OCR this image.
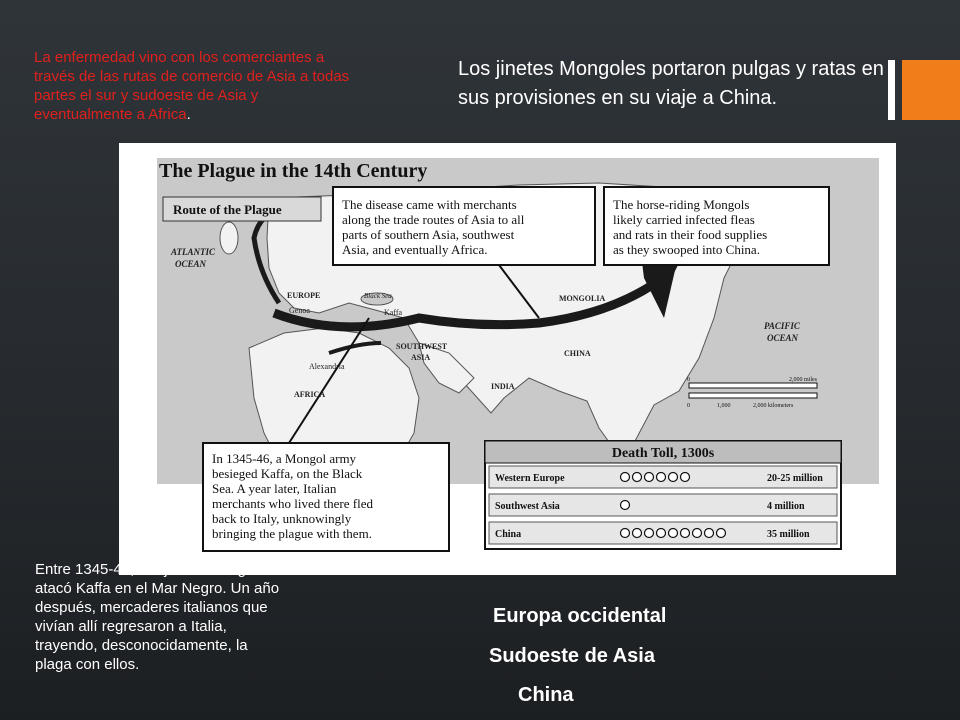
La enfermedad vino con los comerciantes a través de las rutas de comercio de Asia a todas partes el sur y sudoeste de Asia y eventualmente a Africa.
Los jinetes Mongoles portaron pulgas y ratas en sus provisiones en su viaje a China.
The Plague in the 14th Century
Route of the Plague	The disease came with merchants
along the trade routes of Asia to all
parts of southern Asia, southwest
Asia, and eventually Africa.
The horse-riding Mongols
likely carried infected fleas
and rats in their food supplies
as they swooped into China.
In 1345-46, a Mongol army
besieged Kaffa, on the Black
Sea. A year later, Italian
merchants who lived there fled
back to Italy, unknowingly
bringing the plague with them.
ATLANTIC
OCEAN
EUROPE	Black Sea
Genoa	Kaffa
MONGOLIA
PACIFIC
OCEAN
SOUTHWEST
ASIA	CHINA
Alexandria
AFRICA
INDIA
0	2,000 miles
0	1,000	2,000 kilometers
Death Toll, 1300s
Western Europe	20-25 million
Southwest Asia	4 million
China	35 million
Entre 1345-46, El ejercito Mongol atacó Kaffa en el Mar Negro. Un año después, mercaderes italianos que vivían allí regresaron a Italia, trayendo, desconocidamente, la plaga con ellos.
Europa occidental
Sudoeste de Asia
China
